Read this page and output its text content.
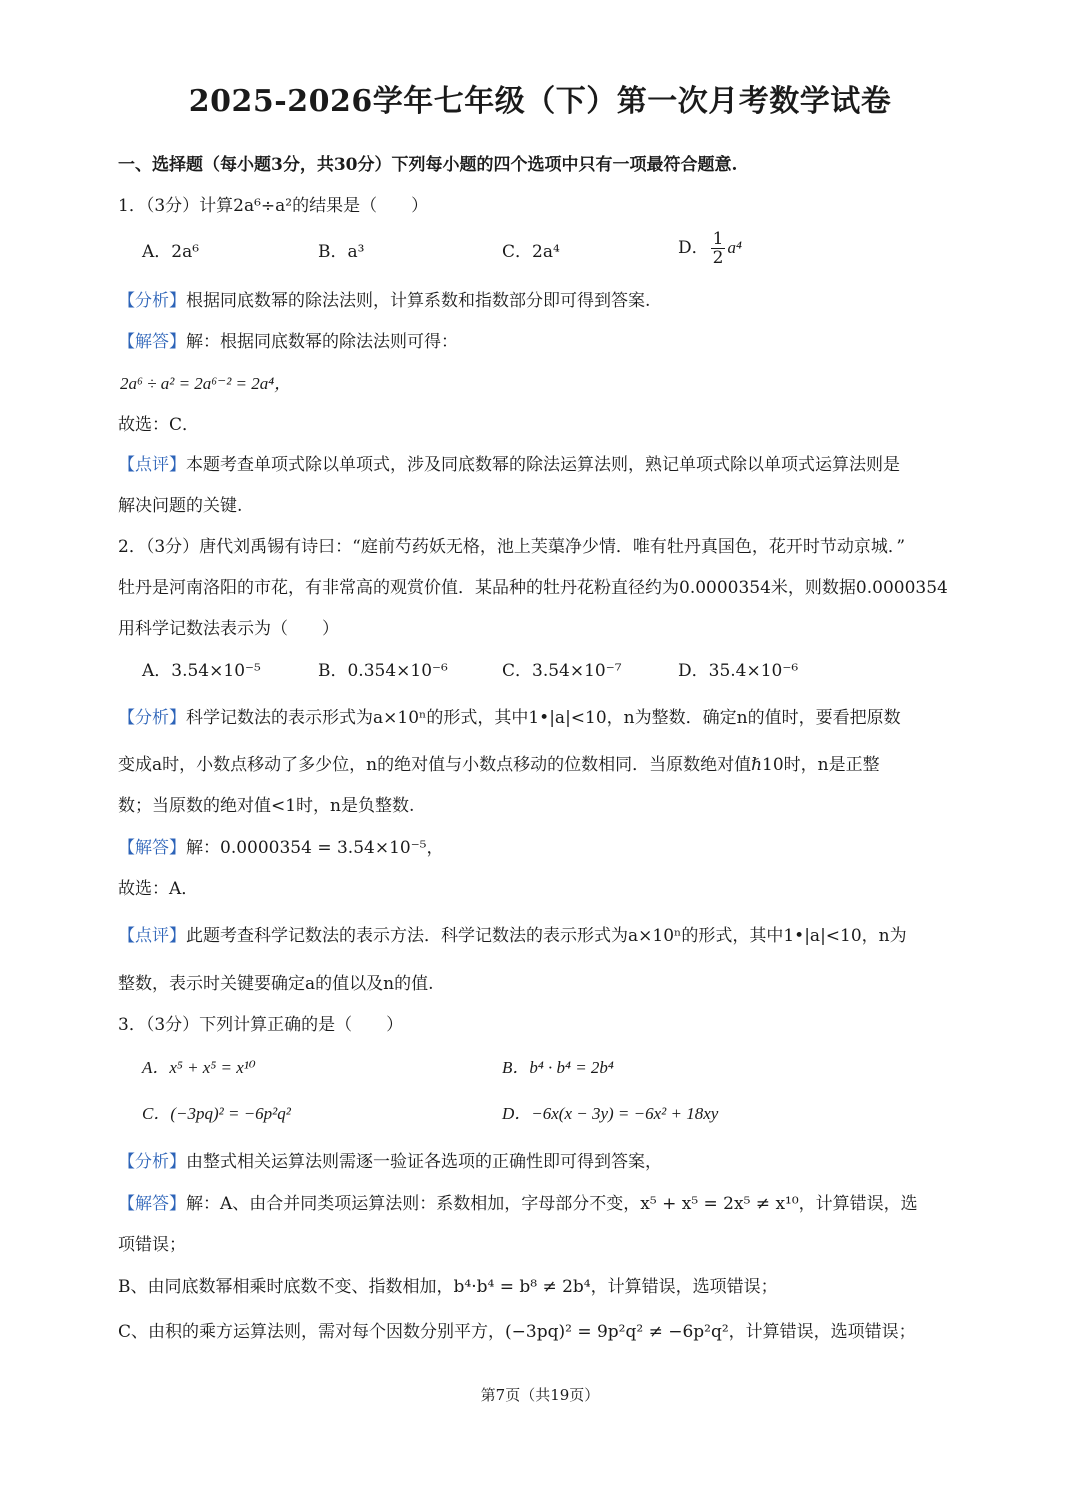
2025-2026学年七年级（下）第一次月考数学试卷
一、选择题（每小题3分，共30分）下列每小题的四个选项中只有一项最符合题意.
1．（3分）计算2a⁶÷a²的结果是（　　）
A．2a⁶	B．a³	C．2a⁴	D． $\frac{1}{2} a^4$
【分析】根据同底数幂的除法法则，计算系数和指数部分即可得到答案.
【解答】解：根据同底数幂的除法法则可得：
2a⁶ ÷ a² = 2a⁶⁻² = 2a⁴，
故选：C．
【点评】本题考查单项式除以单项式，涉及同底数幂的除法运算法则，熟记单项式除以单项式运算法则是
解决问题的关键.
2．（3分）唐代刘禹锡有诗曰：“庭前芍药妖无格，池上芙蕖净少情．唯有牡丹真国色，花开时节动京城．”
牡丹是河南洛阳的市花，有非常高的观赏价值．某品种的牡丹花粉直径约为0.0000354米，则数据0.0000354
用科学记数法表示为（　　）
A．3.54×10⁻⁵	B．0.354×10⁻⁶	C．3.54×10⁻⁷	D．35.4×10⁻⁶
【分析】科学记数法的表示形式为a×10ⁿ的形式，其中1•|a|<10，n为整数．确定n的值时，要看把原数
变成a时，小数点移动了多少位，n的绝对值与小数点移动的位数相同．当原数绝对值ℏ10时，n是正整
数；当原数的绝对值<1时，n是负整数.
【解答】解：0.0000354 = 3.54×10⁻⁵，
故选：A．
【点评】此题考查科学记数法的表示方法．科学记数法的表示形式为a×10ⁿ的形式，其中1•|a|<10，n为
整数，表示时关键要确定a的值以及n的值.
3．（3分）下列计算正确的是（　　）
A．x⁵ + x⁵ = x¹⁰	B．b⁴ · b⁴ = 2b⁴
C．(−3pq)² = −6p²q²	D．−6x(x − 3y) = −6x² + 18xy
【分析】由整式相关运算法则需逐一验证各选项的正确性即可得到答案，
【解答】解：A、由合并同类项运算法则：系数相加，字母部分不变，x⁵ + x⁵ = 2x⁵ ≠ x¹⁰，计算错误，选
项错误；
B、由同底数幂相乘时底数不变、指数相加，b⁴·b⁴ = b⁸ ≠ 2b⁴，计算错误，选项错误；
C、由积的乘方运算法则，需对每个因数分别平方，(−3pq)² = 9p²q² ≠ −6p²q²，计算错误，选项错误；
第7页（共19页）
